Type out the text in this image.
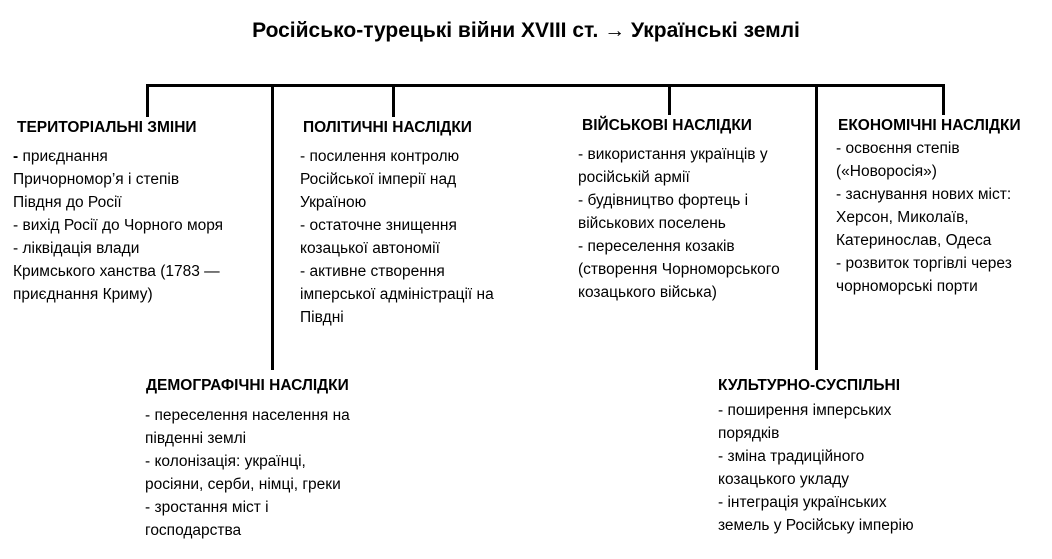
Російсько-турецькі війни XVIII ст. → Українські землі
ТЕРИТОРІАЛЬНІ ЗМІНИ
- приєднання
Причорномор’я і степів
Півдня до Росії
- вихід Росії до Чорного моря
- ліквідація влади
Кримського ханства (1783 —
приєднання Криму)
ПОЛІТИЧНІ НАСЛІДКИ
- посилення контролю
Російської імперії над
Україною
- остаточне знищення
козацької автономії
- активне створення
імперської адміністрації на
Півдні
ВІЙСЬКОВІ НАСЛІДКИ
- використання українців у
російській армії
- будівництво фортець і
військових поселень
- переселення козаків
(створення Чорноморського
козацького війська)
ЕКОНОМІЧНІ НАСЛІДКИ
- освоєння степів
(«Новоросія»)
- заснування нових міст:
Херсон, Миколаїв,
Катеринослав, Одеса
- розвиток торгівлі через
чорноморські порти
ДЕМОГРАФІЧНІ НАСЛІДКИ
- переселення населення на
південні землі
- колонізація: українці,
росіяни, серби, німці, греки
- зростання міст і
господарства
КУЛЬТУРНО-СУСПІЛЬНІ
- поширення імперських
порядків
- зміна традиційного
козацького укладу
- інтеграція українських
земель у Російську імперію
